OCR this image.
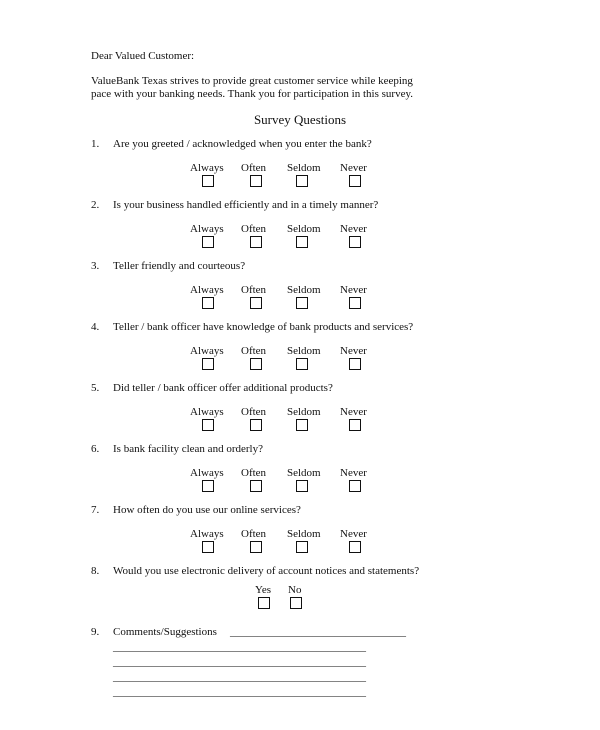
Dear Valued Customer:
ValueBank Texas strives to provide great customer service while keeping
pace with your banking needs. Thank you for participation in this survey.
Survey Questions
1. Are you greeted / acknowledged when you enter the bank?
Always Often Seldom Never
2. Is your business handled efficiently and in a timely manner?
Always Often Seldom Never
3. Teller friendly and courteous?
Always Often Seldom Never
4. Teller / bank officer have knowledge of bank products and services?
Always Often Seldom Never
5. Did teller / bank officer offer additional products?
Always Often Seldom Never
6. Is bank facility clean and orderly?
Always Often Seldom Never
7. How often do you use our online services?
Always Often Seldom Never
8. Would you use electronic delivery of account notices and statements?
Yes No
9. Comments/Suggestions ________________________________
______________________________________________
______________________________________________
______________________________________________
______________________________________________
